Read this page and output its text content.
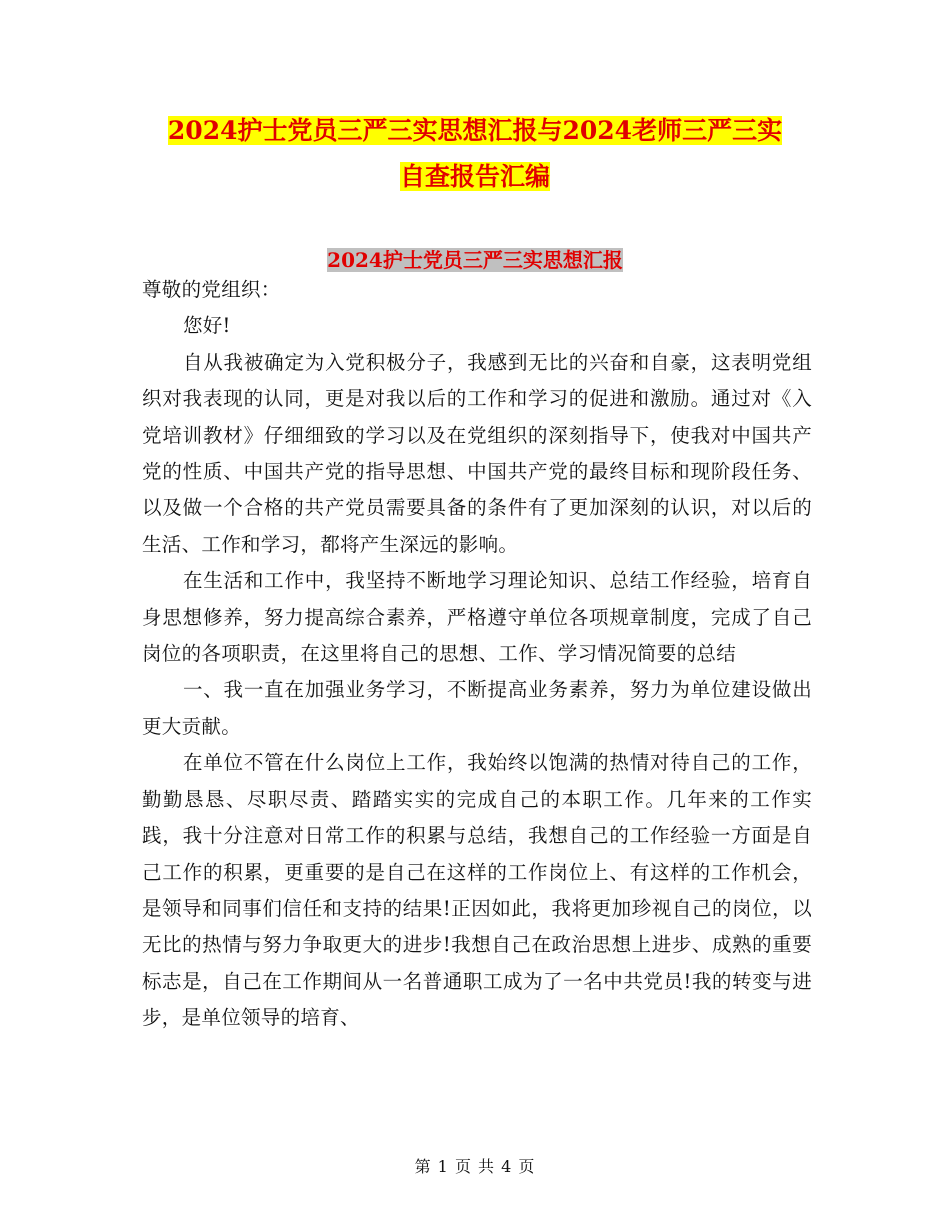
2024护士党员三严三实思想汇报与2024老师三严三实
自查报告汇编
2024护士党员三严三实思想汇报

尊敬的党组织：

您好!

自从我被确定为入党积极分子，我感到无比的兴奋和自豪，这表明党组织对我表现的认同，更是对我以后的工作和学习的促进和激励。通过对《入党培训教材》仔细细致的学习以及在党组织的深刻指导下，使我对中国共产党的性质、中国共产党的指导思想、中国共产党的最终目标和现阶段任务、以及做一个合格的共产党员需要具备的条件有了更加深刻的认识，对以后的生活、工作和学习，都将产生深远的影响。

在生活和工作中，我坚持不断地学习理论知识、总结工作经验，培育自身思想修养，努力提高综合素养，严格遵守单位各项规章制度，完成了自己岗位的各项职责，在这里将自己的思想、工作、学习情况简要的总结

一、我一直在加强业务学习，不断提高业务素养，努力为单位建设做出更大贡献。

在单位不管在什么岗位上工作，我始终以饱满的热情对待自己的工作，勤勤恳恳、尽职尽责、踏踏实实的完成自己的本职工作。几年来的工作实践，我十分注意对日常工作的积累与总结，我想自己的工作经验一方面是自己工作的积累，更重要的是自己在这样的工作岗位上、有这样的工作机会，是领导和同事们信任和支持的结果!正因如此，我将更加珍视自己的岗位，以无比的热情与努力争取更大的进步!我想自己在政治思想上进步、成熟的重要标志是，自己在工作期间从一名普通职工成为了一名中共党员!我的转变与进步，是单位领导的培育、

第 1 页 共 4 页
